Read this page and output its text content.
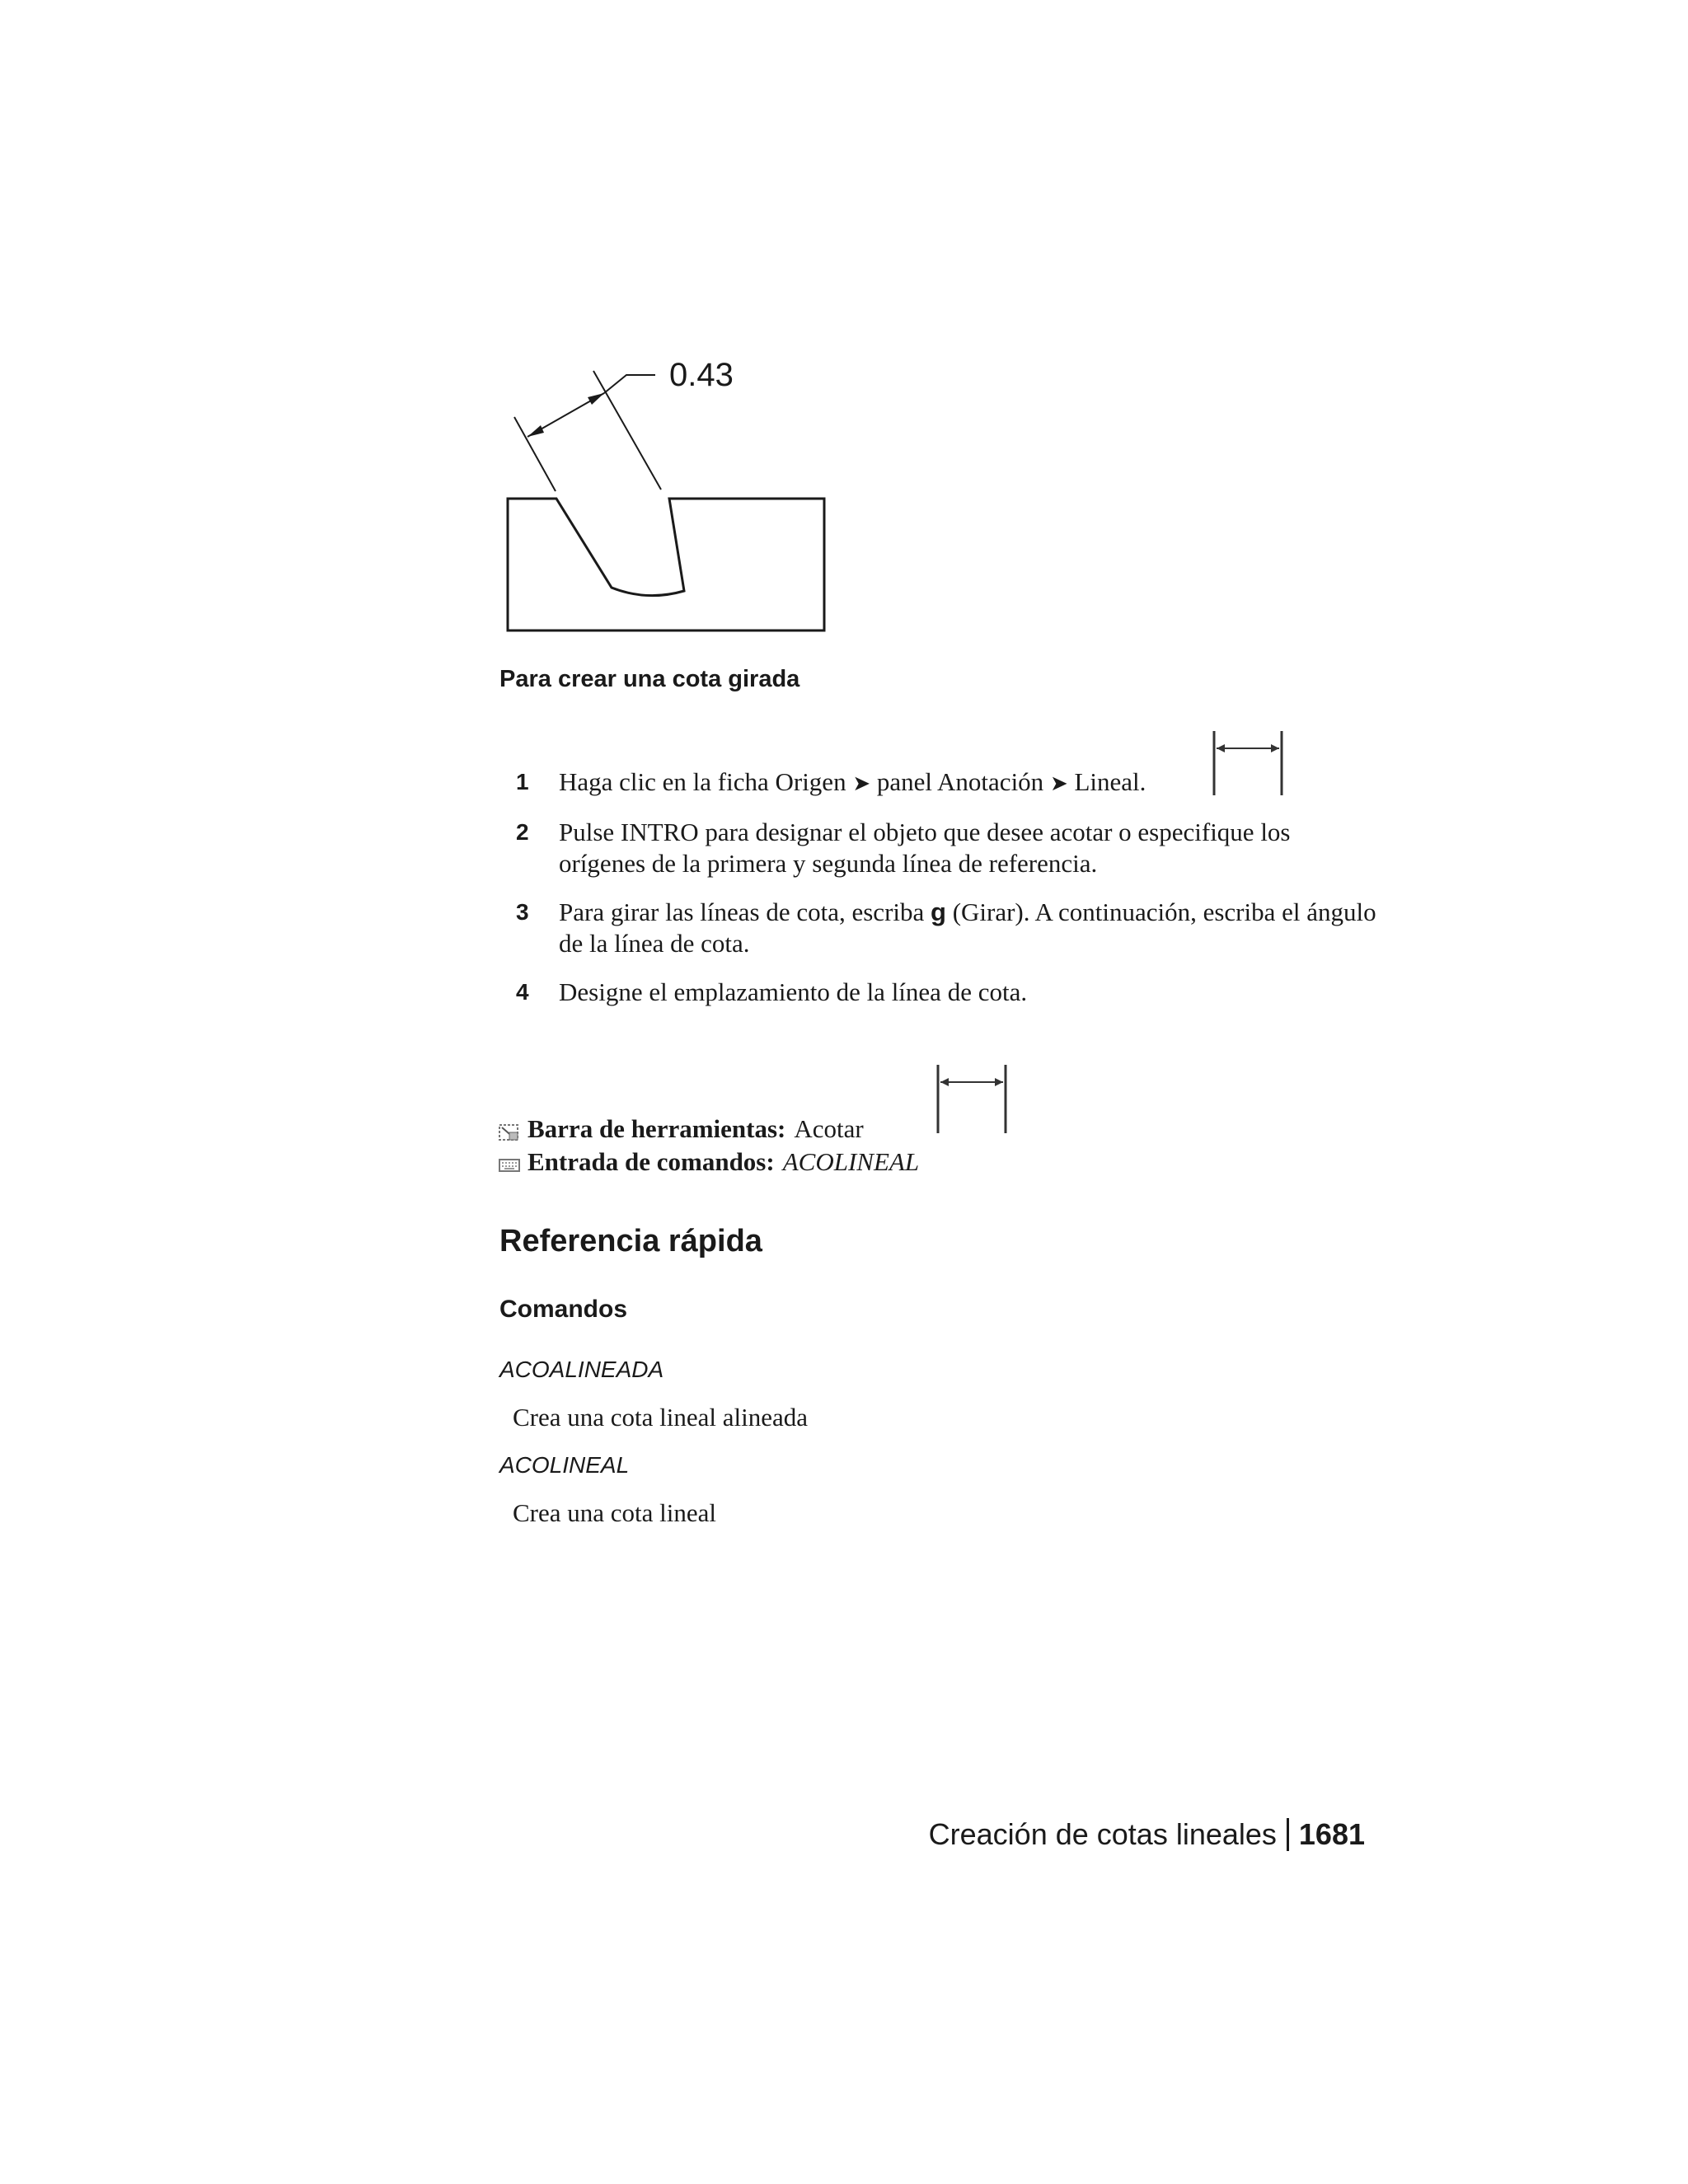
0.43
Para crear una cota girada
1	Haga clic en la ficha Origen ➤ panel Anotación ➤ Lineal.
2	Pulse INTRO para designar el objeto que desee acotar o especifique los orígenes de la primera y segunda línea de referencia.
3	Para girar las líneas de cota, escriba g (Girar). A continuación, escriba el ángulo de la línea de cota.
4	Designe el emplazamiento de la línea de cota.
Barra de herramientas: Acotar
Entrada de comandos: ACOLINEAL
Referencia rápida
Comandos
ACOALINEADA
Crea una cota lineal alineada
ACOLINEAL
Crea una cota lineal
Creación de cotas lineales 1681
